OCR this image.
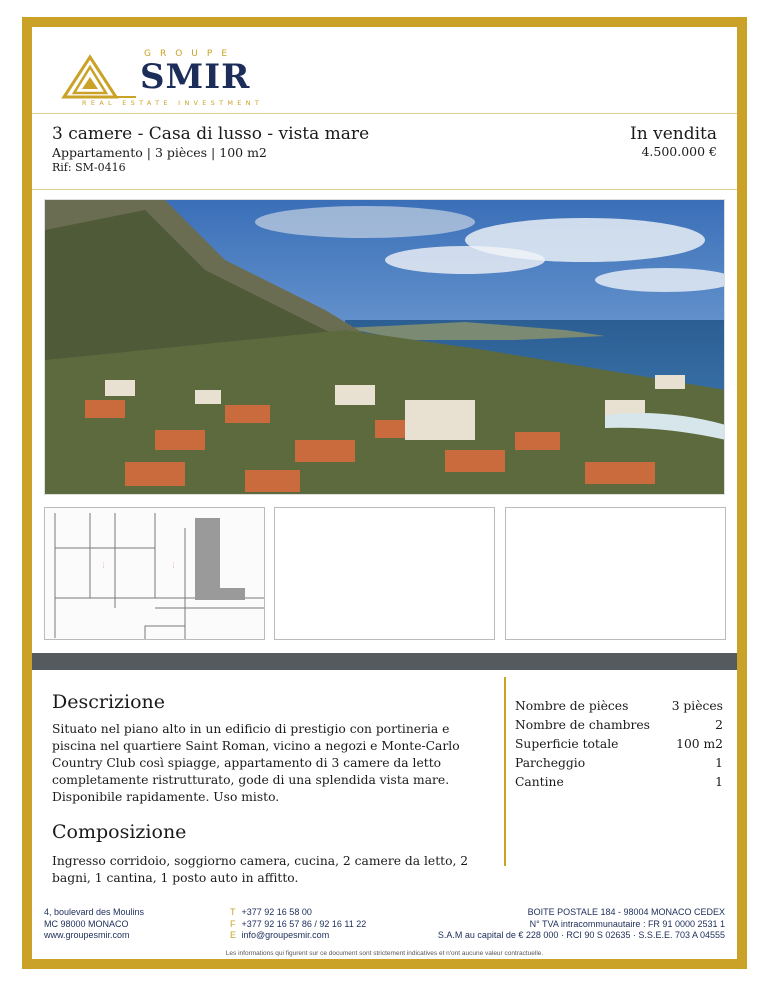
GROUPE
SMIR
REAL ESTATE INVESTMENT
3 camere - Casa di lusso - vista mare
Appartamento | 3 pièces | 100 m2
Rif: SM-0416
In vendita
4.500.000 €
··· ·	··· ·
Descrizione
Situato nel piano alto in un edificio di prestigio con portineria e piscina nel quartiere Saint Roman, vicino a negozi e Monte-Carlo Country Club così spiagge, appartamento di 3 camere da letto completamente ristrutturato, gode di una splendida vista mare. Disponibile rapidamente. Uso misto.
Composizione
Ingresso corridoio, soggiorno camera, cucina, 2 camere da letto, 2 bagni, 1 cantina, 1 posto auto in affitto.
Nombre de pièces	3 pièces
Nombre de chambres	2
Superficie totale	100 m2
Parcheggio	1
Cantine	1
4, boulevard des Moulins
MC 98000 MONACO
www.groupesmir.com
T +377 92 16 58 00
F +377 92 16 57 86 / 92 16 11 22
E info@groupesmir.com
BOITE POSTALE 184 - 98004 MONACO CEDEX
N° TVA intracommunautaire : FR 91 0000 2531 1
S.A.M au capital de € 228 000 · RCI 90 S 02635 · S.S.E.E. 703 A 04555
Les informations qui figurent sur ce document sont strictement indicatives et n'ont aucune valeur contractuelle.
